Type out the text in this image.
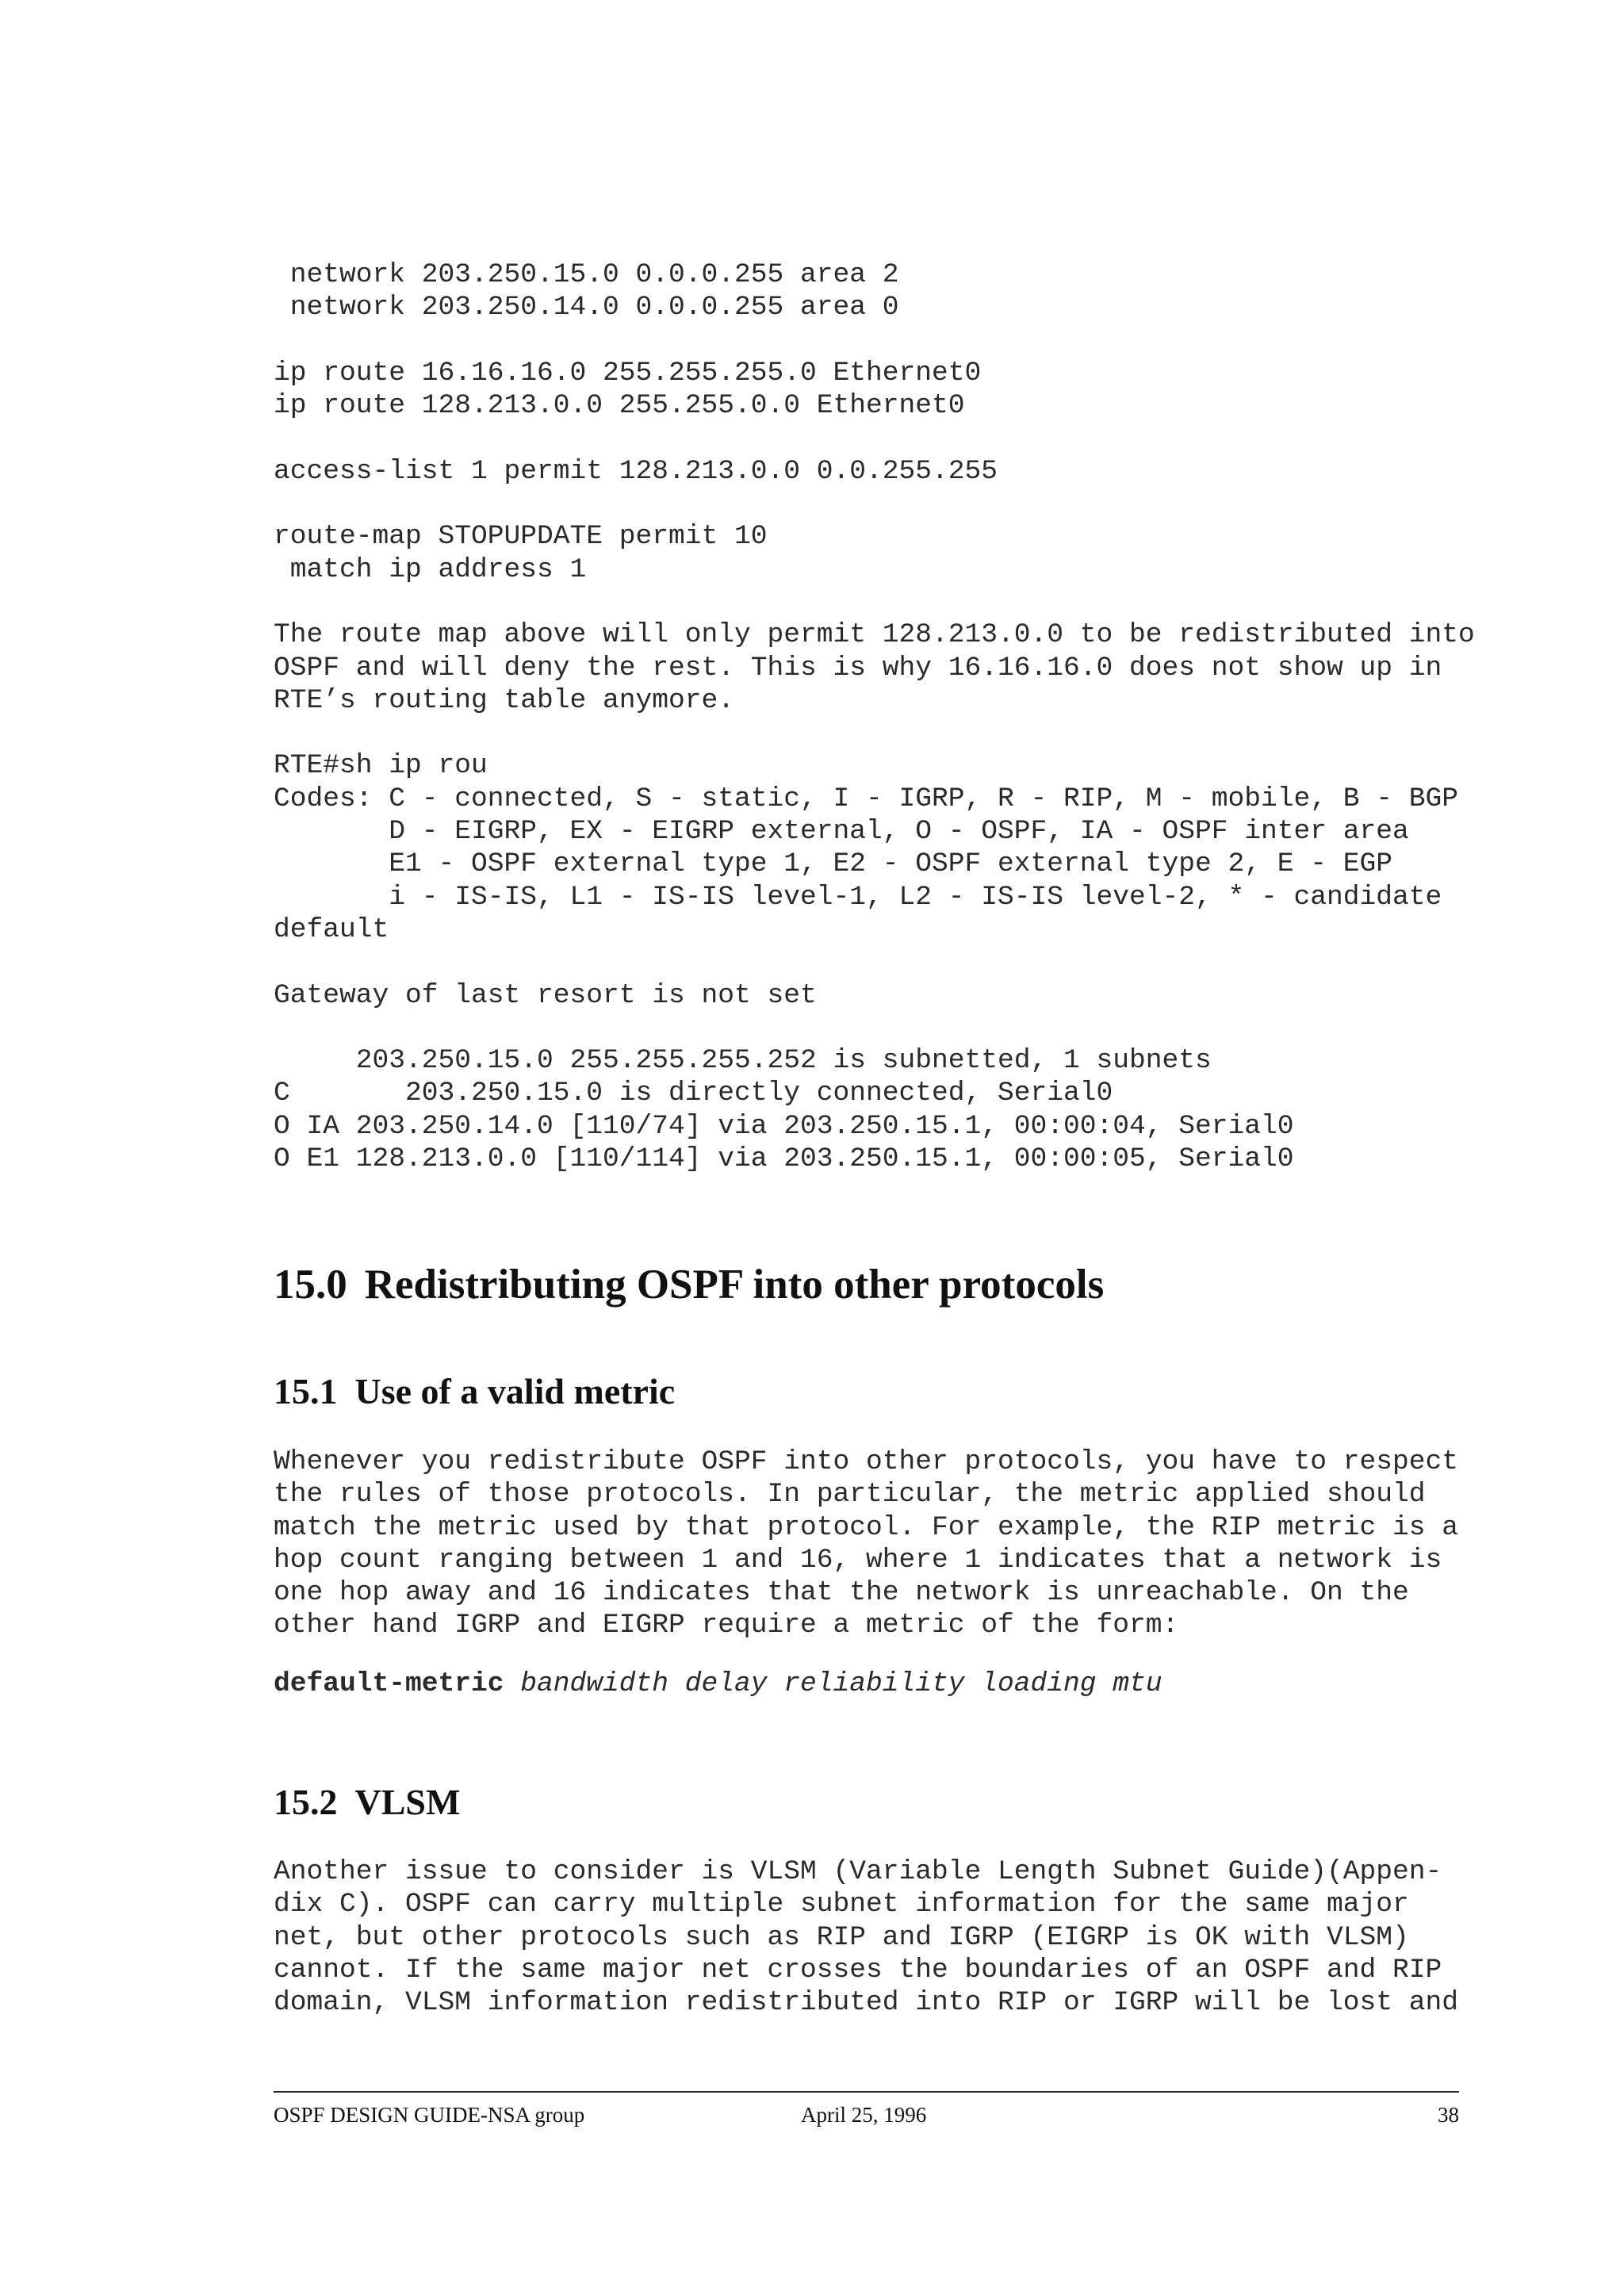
network 203.250.15.0 0.0.0.255 area 2
network 203.250.14.0 0.0.0.255 area 0

ip route 16.16.16.0 255.255.255.0 Ethernet0
ip route 128.213.0.0 255.255.0.0 Ethernet0

access-list 1 permit 128.213.0.0 0.0.255.255

route-map STOPUPDATE permit 10
match ip address 1

The route map above will only permit 128.213.0.0 to be redistributed into
OSPF and will deny the rest. This is why 16.16.16.0 does not show up in
RTE’s routing table anymore.

RTE#sh ip rou
Codes: C - connected, S - static, I - IGRP, R - RIP, M - mobile, B - BGP
D - EIGRP, EX - EIGRP external, O - OSPF, IA - OSPF inter area
E1 - OSPF external type 1, E2 - OSPF external type 2, E - EGP
i - IS-IS, L1 - IS-IS level-1, L2 - IS-IS level-2, * - candidate
default

Gateway of last resort is not set

203.250.15.0 255.255.255.252 is subnetted, 1 subnets
C       203.250.15.0 is directly connected, Serial0
O IA 203.250.14.0 [110/74] via 203.250.15.1, 00:00:04, Serial0
O E1 128.213.0.0 [110/114] via 203.250.15.1, 00:00:05, Serial0
15.0 Redistributing OSPF into other protocols
15.1 Use of a valid metric
Whenever you redistribute OSPF into other protocols, you have to respect
the rules of those protocols. In particular, the metric applied should
match the metric used by that protocol. For example, the RIP metric is a
hop count ranging between 1 and 16, where 1 indicates that a network is
one hop away and 16 indicates that the network is unreachable. On the
other hand IGRP and EIGRP require a metric of the form:
default-metric bandwidth delay reliability loading mtu
15.2 VLSM
Another issue to consider is VLSM (Variable Length Subnet Guide)(Appen-
dix C). OSPF can carry multiple subnet information for the same major
net, but other protocols such as RIP and IGRP (EIGRP is OK with VLSM)
cannot. If the same major net crosses the boundaries of an OSPF and RIP
domain, VLSM information redistributed into RIP or IGRP will be lost and
OSPF DESIGN GUIDE-NSA group	April 25, 1996	38
